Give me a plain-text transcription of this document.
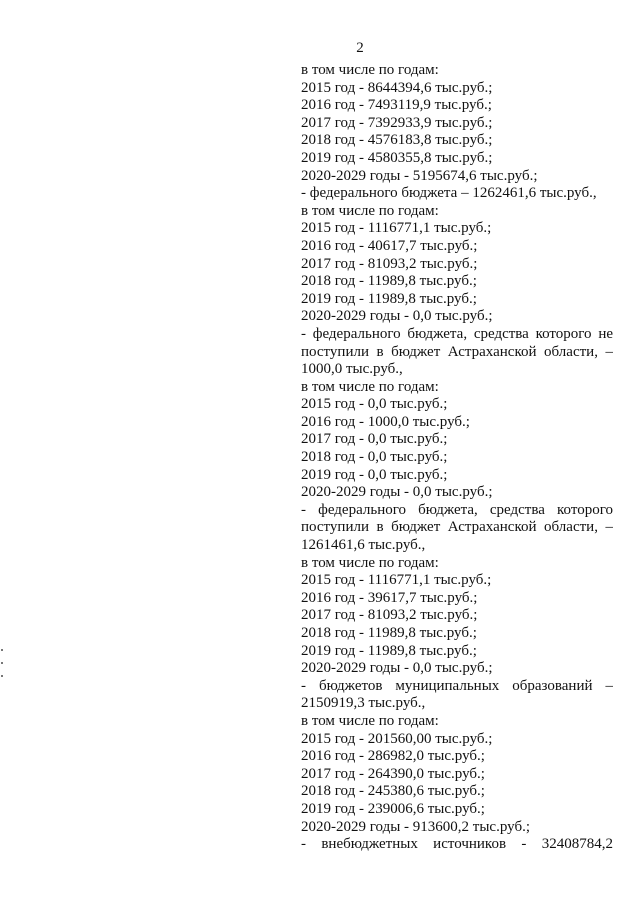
2
в том числе по годам:
2015 год - 8644394,6 тыс.руб.;
2016 год - 7493119,9 тыс.руб.;
2017 год - 7392933,9 тыс.руб.;
2018 год - 4576183,8 тыс.руб.;
2019 год - 4580355,8 тыс.руб.;
2020-2029 годы - 5195674,6 тыс.руб.;
- федерального бюджета – 1262461,6 тыс.руб.,
в том числе по годам:
2015 год - 1116771,1 тыс.руб.;
2016 год - 40617,7 тыс.руб.;
2017 год - 81093,2 тыс.руб.;
2018 год - 11989,8 тыс.руб.;
2019 год - 11989,8 тыс.руб.;
2020-2029 годы - 0,0 тыс.руб.;
- федерального бюджета, средства которого не
поступили в бюджет Астраханской области, –
1000,0 тыс.руб.,
в том числе по годам:
2015 год - 0,0 тыс.руб.;
2016 год - 1000,0 тыс.руб.;
2017 год - 0,0 тыс.руб.;
2018 год - 0,0 тыс.руб.;
2019 год - 0,0 тыс.руб.;
2020-2029 годы - 0,0 тыс.руб.;
- федерального бюджета, средства которого
поступили в бюджет Астраханской области, –
1261461,6 тыс.руб.,
в том числе по годам:
2015 год - 1116771,1 тыс.руб.;
2016 год - 39617,7 тыс.руб.;
2017 год - 81093,2 тыс.руб.;
2018 год - 11989,8 тыс.руб.;
2019 год - 11989,8 тыс.руб.;
2020-2029 годы - 0,0 тыс.руб.;
- бюджетов муниципальных образований –
2150919,3 тыс.руб.,
в том числе по годам:
2015 год - 201560,00 тыс.руб.;
2016 год - 286982,0 тыс.руб.;
2017 год - 264390,0 тыс.руб.;
2018 год - 245380,6 тыс.руб.;
2019 год - 239006,6 тыс.руб.;
2020-2029 годы - 913600,2 тыс.руб.;
- внебюджетных источников - 32408784,2
